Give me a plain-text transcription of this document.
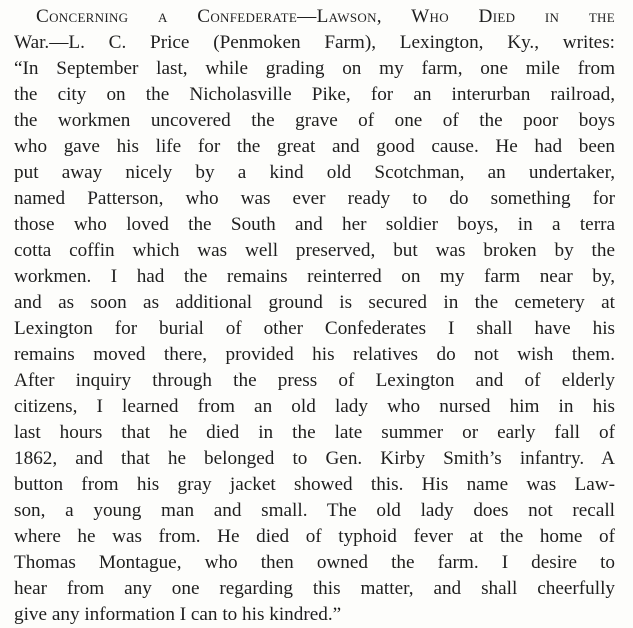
Concerning a Confederate—Lawson, Who Died in the
War.—L. C. Price (Penmoken Farm), Lexington, Ky., writes:
“In September last, while grading on my farm, one mile from
the city on the Nicholasville Pike, for an interurban railroad,
the workmen uncovered the grave of one of the poor boys
who gave his life for the great and good cause. He had been
put away nicely by a kind old Scotchman, an undertaker,
named Patterson, who was ever ready to do something for
those who loved the South and her soldier boys, in a terra
cotta coffin which was well preserved, but was broken by the
workmen. I had the remains reinterred on my farm near by,
and as soon as additional ground is secured in the cemetery at
Lexington for burial of other Confederates I shall have his
remains moved there, provided his relatives do not wish them.
After inquiry through the press of Lexington and of elderly
citizens, I learned from an old lady who nursed him in his
last hours that he died in the late summer or early fall of
1862, and that he belonged to Gen. Kirby Smith’s infantry. A
button from his gray jacket showed this. His name was Law-
son, a young man and small. The old lady does not recall
where he was from. He died of typhoid fever at the home of
Thomas Montague, who then owned the farm. I desire to
hear from any one regarding this matter, and shall cheerfully
give any information I can to his kindred.”
